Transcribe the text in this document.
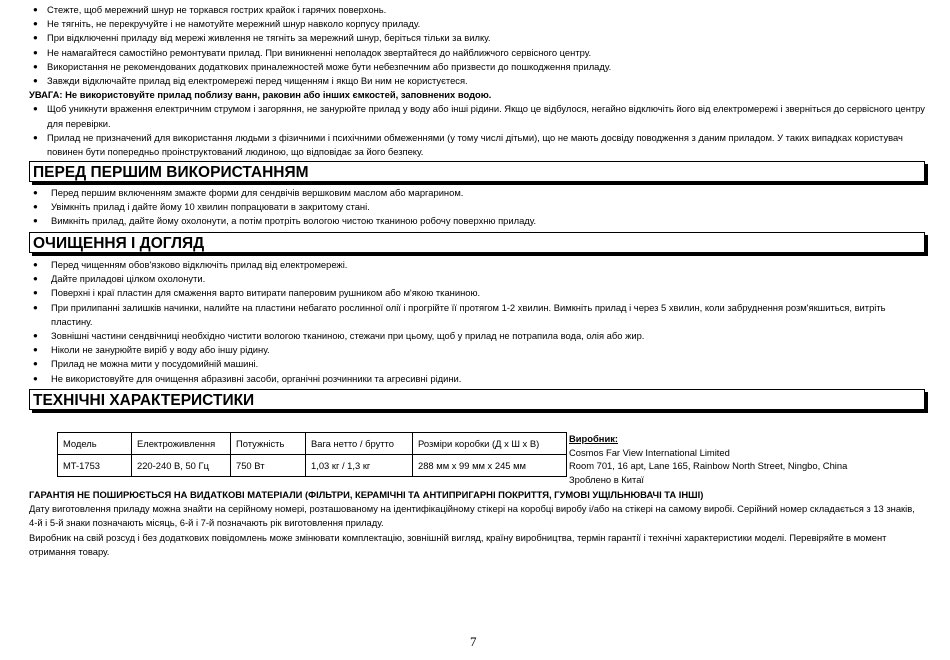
● Стежте, щоб мережний шнур не торкався гострих крайок і гарячих поверхонь.
● Не тягніть, не перекручуйте і не намотуйте мережний шнур навколо корпусу приладу.
● При відключенні приладу від мережі живлення не тягніть за мережний шнур, беріться тільки за вилку.
● Не намагайтеся самостійно ремонтувати прилад. При виникненні неполадок звертайтеся до найближчого сервісного центру.
● Використання не рекомендованих додаткових приналежностей може бути небезпечним або призвести до пошкодження приладу.
● Завжди відключайте прилад від електромережі перед чищенням і якщо Ви ним не користуєтеся.
УВАГА: Не використовуйте прилад поблизу ванн, раковин або інших ємкостей, заповнених водою.
● Щоб уникнути враження електричним струмом і загоряння, не занурюйте прилад у воду або інші рідини. Якщо це відбулося, негайно відключіть його від електромережі і зверніться до сервісного центру для перевірки.
● Прилад не призначений для використання людьми з фізичними і психічними обмеженнями (у тому числі дітьми), що не мають досвіду поводження з даним приладом. У таких випадках користувач повинен бути попередньо проінструктований людиною, що відповідає за його безпеку.
ПЕРЕД ПЕРШИМ ВИКОРИСТАННЯМ
● Перед першим включенням змажте форми для сендвічів вершковим маслом або маргарином.
● Увімкніть прилад і дайте йому 10 хвилин попрацювати в закритому стані.
● Вимкніть прилад, дайте йому охолонути, а потім протріть вологою чистою тканиною робочу поверхню приладу.
ОЧИЩЕННЯ І ДОГЛЯД
● Перед чищенням обов'язково відключіть прилад від електромережі.
● Дайте приладові цілком охолонути.
● Поверхні і краї пластин для смаження варто витирати паперовим рушником або м'якою тканиною.
● При прилипанні залишків начинки, налийте на пластини небагато рослинної олії і прогрійте її протягом 1-2 хвилин. Вимкніть прилад і через 5 хвилин, коли забруднення розм'якшиться, витріть пластину.
● Зовнішні частини сендвічниці необхідно чистити вологою тканиною, стежачи при цьому, щоб у прилад не потрапила вода, олія або жир.
● Ніколи не занурюйте виріб у воду або іншу рідину.
● Прилад не можна мити у посудомийній машині.
● Не використовуйте для очищення абразивні засоби, органічні розчинники та агресивні рідини.
ТЕХНІЧНІ ХАРАКТЕРИСТИКИ
Модель	Електроживлення	Потужність	Вага нетто / брутто	Розміри коробки (Д х Ш х В)
MT-1753	220-240 В, 50 Гц	750 Вт	1,03 кг / 1,3 кг	288 мм х 99 мм х 245 мм
Виробник:
Cosmos Far View International Limited
Room 701, 16 apt, Lane 165, Rainbow North Street, Ningbo, China
Зроблено в Китаї
ГАРАНТІЯ НЕ ПОШИРЮЄТЬСЯ НА ВИДАТКОВІ МАТЕРІАЛИ (ФІЛЬТРИ, КЕРАМІЧНІ ТА АНТИПРИГАРНІ ПОКРИТТЯ, ГУМОВІ УЩІЛЬНЮВАЧІ ТА ІНШІ)
Дату виготовлення приладу можна знайти на серійному номері, розташованому на ідентифікаційному стікері на коробці виробу і/або на стікері на самому виробі. Серійний номер складається з 13 знаків, 4-й і 5-й знаки позначають місяць, 6-й і 7-й позначають рік виготовлення приладу.
Виробник на свій розсуд і без додаткових повідомлень може змінювати комплектацію, зовнішній вигляд, країну виробництва, термін гарантії і технічні характеристики моделі. Перевіряйте в момент отримання товару.
7
